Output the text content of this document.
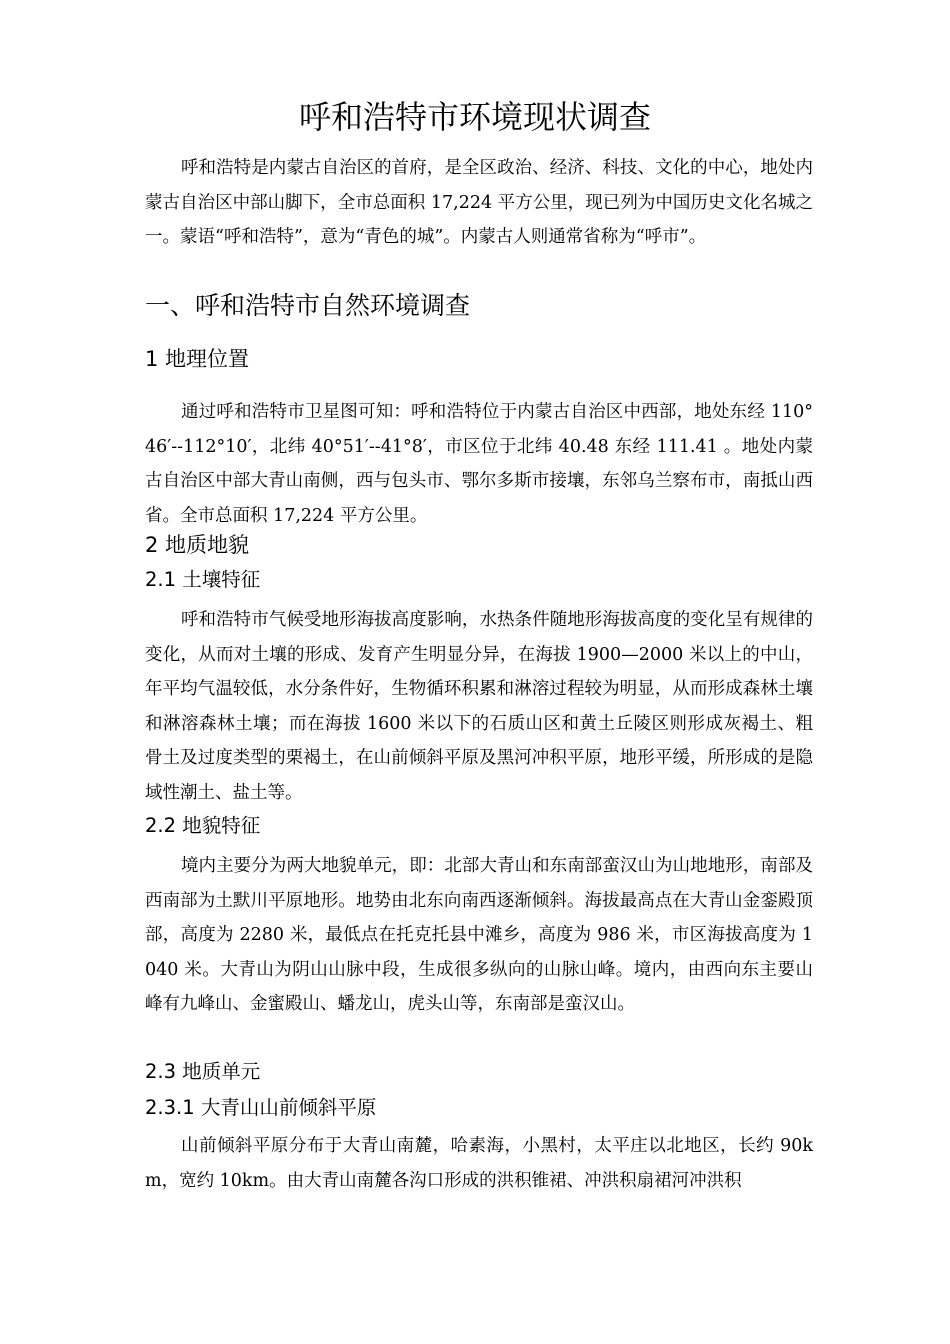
呼和浩特市环境现状调查
呼和浩特是内蒙古自治区的首府，是全区政治、经济、科技、文化的中心，地处内蒙古自治区中部山脚下，全市总面积 17,224 平方公里，现已列为中国历史文化名城之一。蒙语“呼和浩特”，意为“青色的城”。内蒙古人则通常省称为“呼市”。
一、呼和浩特市自然环境调查
1 地理位置
通过呼和浩特市卫星图可知：呼和浩特位于内蒙古自治区中西部，地处东经 110°46′--112°10′，北纬 40°51′--41°8′，市区位于北纬 40.48 东经 111.41 。地处内蒙古自治区中部大青山南侧，西与包头市、鄂尔多斯市接壤，东邻乌兰察布市，南抵山西省。全市总面积 17,224 平方公里。
2 地质地貌
2.1 土壤特征
呼和浩特市气候受地形海拔高度影响，水热条件随地形海拔高度的变化呈有规律的变化，从而对土壤的形成、发育产生明显分异，在海拔 1900—2000 米以上的中山，年平均气温较低，水分条件好，生物循环积累和淋溶过程较为明显，从而形成森林土壤和淋溶森林土壤；而在海拔 1600 米以下的石质山区和黄土丘陵区则形成灰褐土、粗骨土及过度类型的栗褐土，在山前倾斜平原及黑河冲积平原，地形平缓，所形成的是隐域性潮土、盐土等。
2.2 地貌特征
境内主要分为两大地貌单元，即：北部大青山和东南部蛮汉山为山地地形，南部及西南部为土默川平原地形。地势由北东向南西逐渐倾斜。海拔最高点在大青山金銮殿顶部，高度为 2280 米，最低点在托克托县中滩乡，高度为 986 米，市区海拔高度为 1040 米。大青山为阴山山脉中段，生成很多纵向的山脉山峰。境内，由西向东主要山峰有九峰山、金蜜殿山、蟠龙山，虎头山等，东南部是蛮汉山。
2.3 地质单元
2.3.1 大青山山前倾斜平原
山前倾斜平原分布于大青山南麓，哈素海，小黑村，太平庄以北地区，长约 90km，宽约 10km。由大青山南麓各沟口形成的洪积锥裙、冲洪积扇裙河冲洪积
